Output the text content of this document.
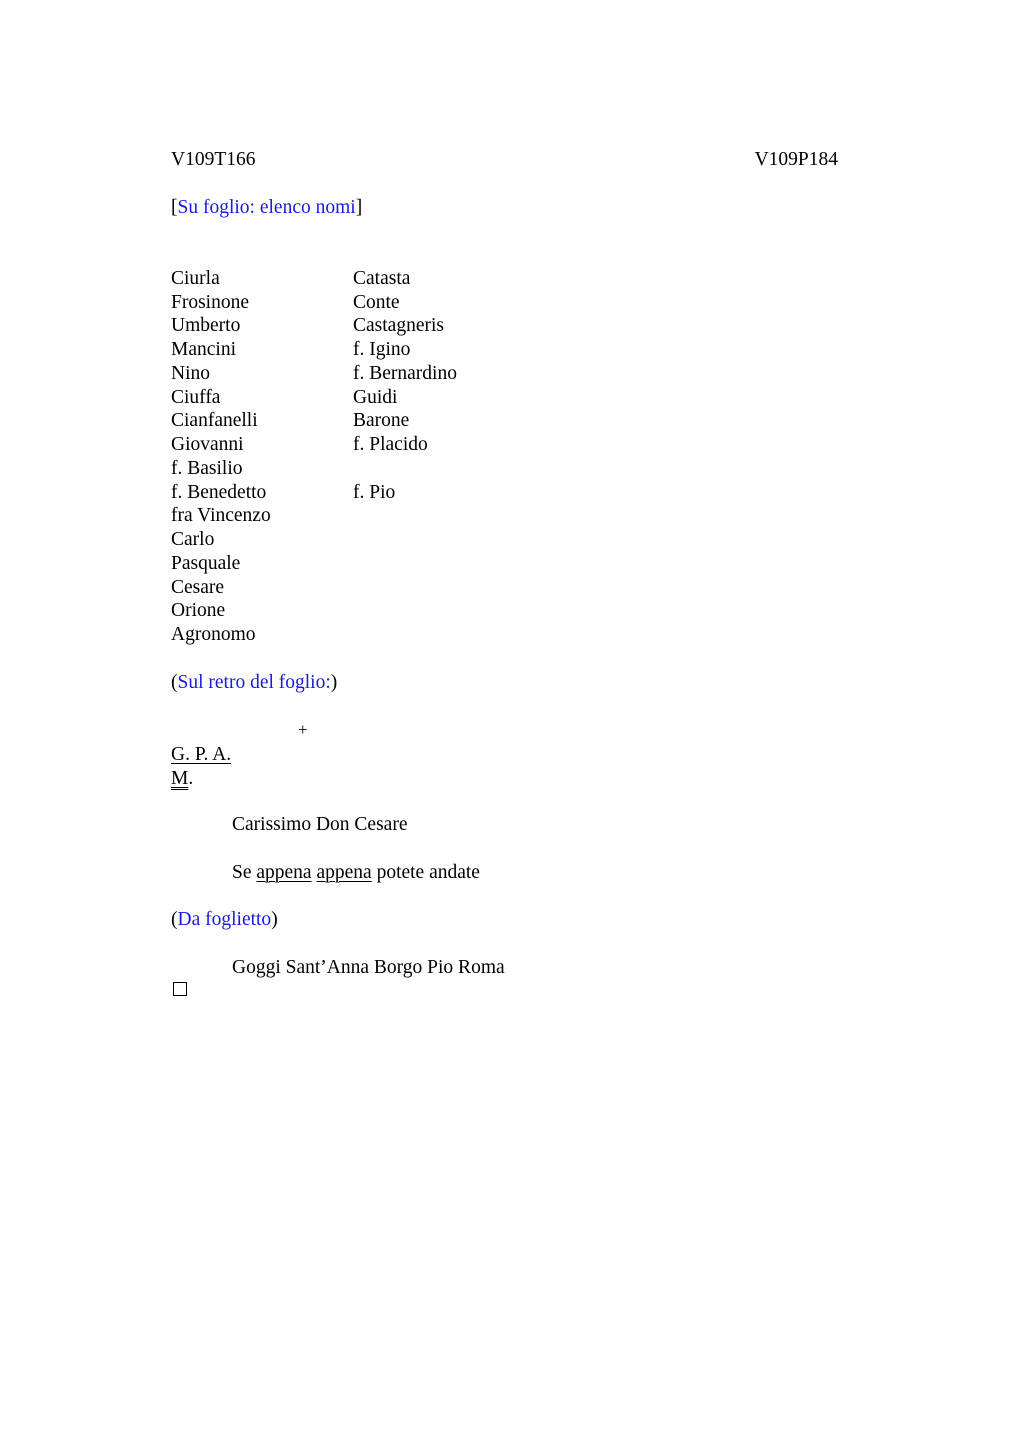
V109T166	V109P184
[Su foglio: elenco nomi]
Ciurla
Frosinone
Umberto
Mancini
Nino
Ciuffa
Cianfanelli
Giovanni
f. Basilio
f. Benedetto
fra Vincenzo
Carlo
Pasquale
Cesare
Orione
Agronomo
Catasta
Conte
Castagneris
f. Igino
f. Bernardino
Guidi
Barone
f. Placido
f. Pio
(Sul retro del foglio:)
+
G. P. A.
M.
Carissimo Don Cesare
Se appena appena potete andate
(Da foglietto)
Goggi Sant’Anna Borgo Pio Roma
